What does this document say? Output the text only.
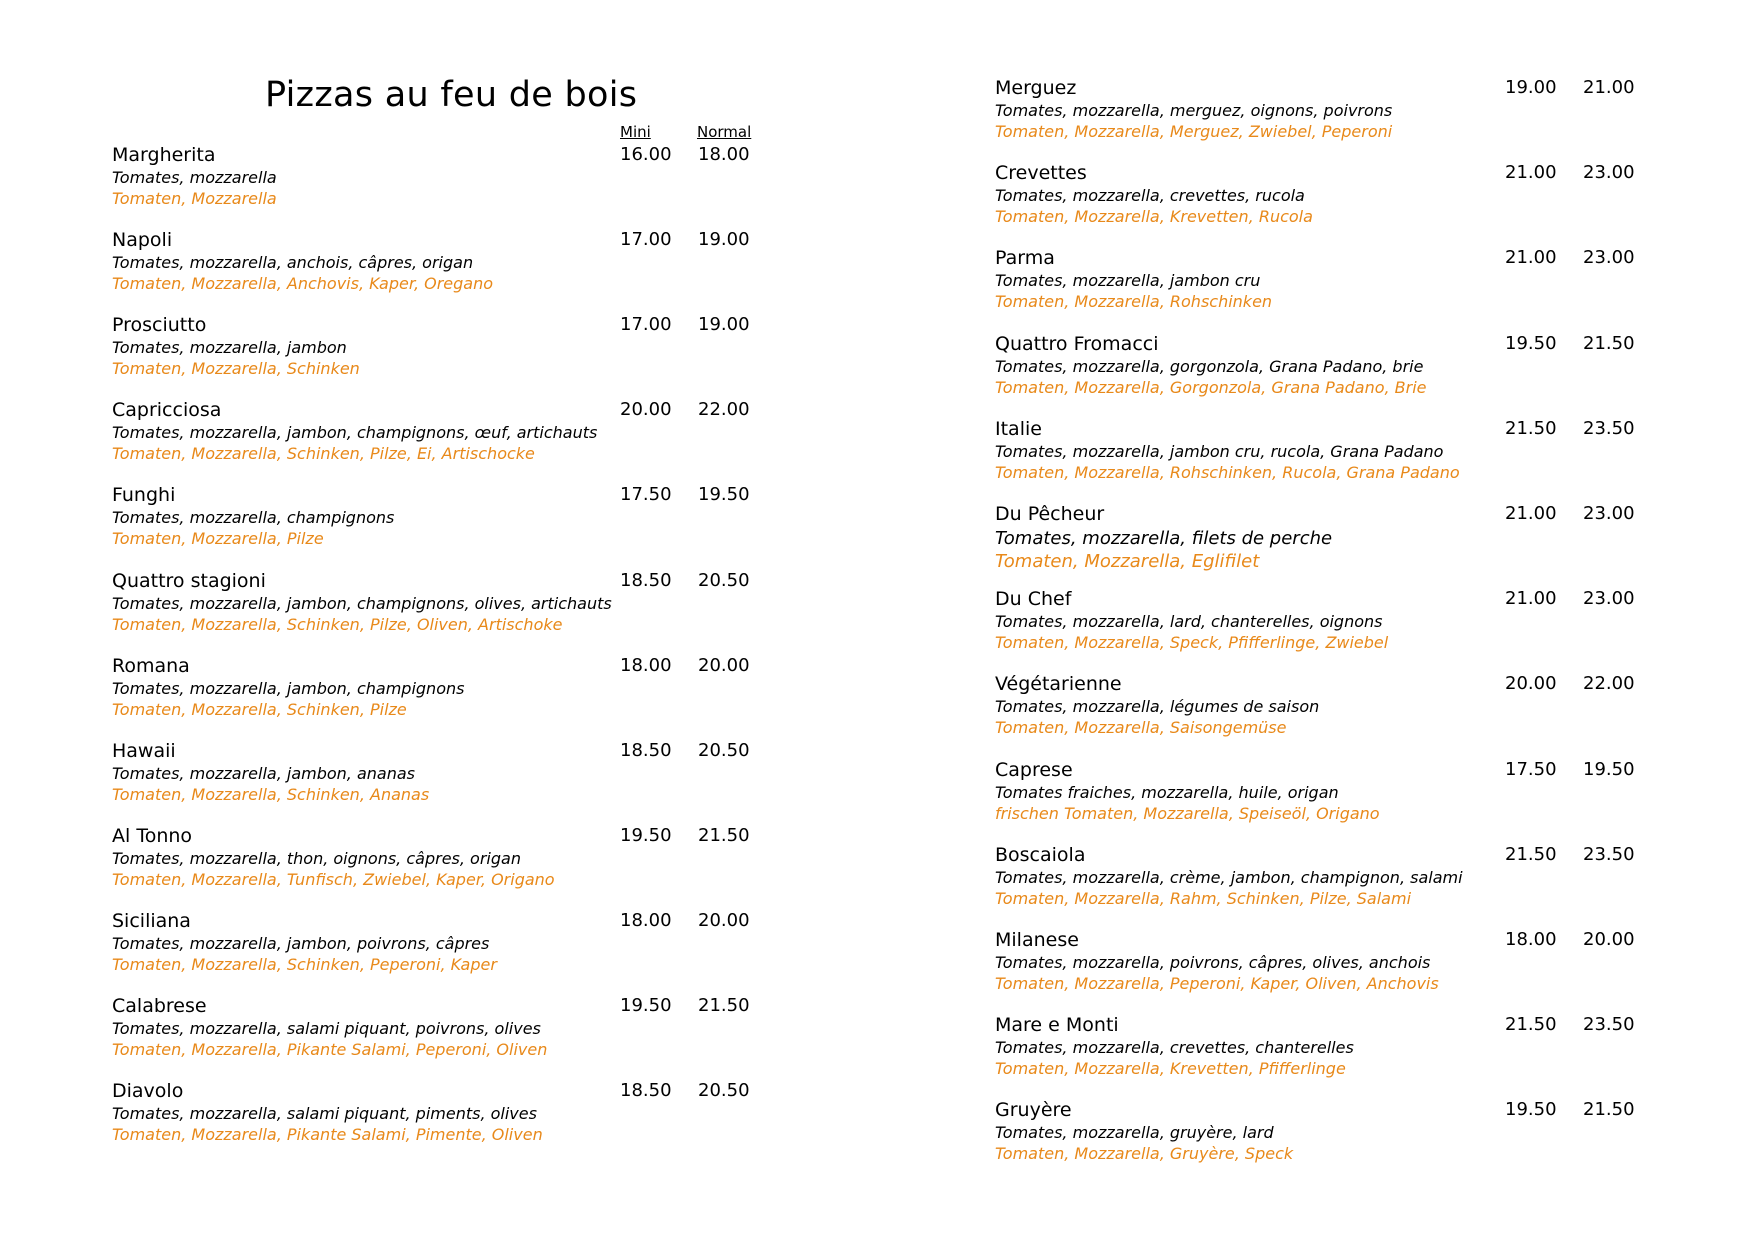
Pizzas au feu de bois
Mini	Normal
Margherita	16.00 18.00
Tomates, mozzarella
Tomaten, Mozzarella
Napoli	17.00 19.00
Tomates, mozzarella, anchois, câpres, origan
Tomaten, Mozzarella, Anchovis, Kaper, Oregano
Prosciutto	17.00 19.00
Tomates, mozzarella, jambon
Tomaten, Mozzarella, Schinken
Capricciosa	20.00 22.00
Tomates, mozzarella, jambon, champignons, œuf, artichauts
Tomaten, Mozzarella, Schinken, Pilze, Ei, Artischocke
Funghi	17.50 19.50
Tomates, mozzarella, champignons
Tomaten, Mozzarella, Pilze
Quattro stagioni	18.50 20.50
Tomates, mozzarella, jambon, champignons, olives, artichauts
Tomaten, Mozzarella, Schinken, Pilze, Oliven, Artischoke
Romana	18.00 20.00
Tomates, mozzarella, jambon, champignons
Tomaten, Mozzarella, Schinken, Pilze
Hawaii	18.50 20.50
Tomates, mozzarella, jambon, ananas
Tomaten, Mozzarella, Schinken, Ananas
Al Tonno	19.50 21.50
Tomates, mozzarella, thon, oignons, câpres, origan
Tomaten, Mozzarella, Tunfisch, Zwiebel, Kaper, Origano
Siciliana	18.00 20.00
Tomates, mozzarella, jambon, poivrons, câpres
Tomaten, Mozzarella, Schinken, Peperoni, Kaper
Calabrese	19.50 21.50
Tomates, mozzarella, salami piquant, poivrons, olives
Tomaten, Mozzarella, Pikante Salami, Peperoni, Oliven
Diavolo	18.50 20.50
Tomates, mozzarella, salami piquant, piments, olives
Tomaten, Mozzarella, Pikante Salami, Pimente, Oliven
Merguez	19.00 21.00
Tomates, mozzarella, merguez, oignons, poivrons
Tomaten, Mozzarella, Merguez, Zwiebel, Peperoni
Crevettes	21.00 23.00
Tomates, mozzarella, crevettes, rucola
Tomaten, Mozzarella, Krevetten, Rucola
Parma	21.00 23.00
Tomates, mozzarella, jambon cru
Tomaten, Mozzarella, Rohschinken
Quattro Fromacci	19.50 21.50
Tomates, mozzarella, gorgonzola, Grana Padano, brie
Tomaten, Mozzarella, Gorgonzola, Grana Padano, Brie
Italie	21.50 23.50
Tomates, mozzarella, jambon cru, rucola, Grana Padano
Tomaten, Mozzarella, Rohschinken, Rucola, Grana Padano
Du Pêcheur	21.00 23.00
Tomates, mozzarella, filets de perche
Tomaten, Mozzarella, Eglifilet
Du Chef	21.00 23.00
Tomates, mozzarella, lard, chanterelles, oignons
Tomaten, Mozzarella, Speck, Pfifferlinge, Zwiebel
Végétarienne	20.00 22.00
Tomates, mozzarella, légumes de saison
Tomaten, Mozzarella, Saisongemüse
Caprese	17.50 19.50
Tomates fraiches, mozzarella, huile, origan
frischen Tomaten, Mozzarella, Speiseöl, Origano
Boscaiola	21.50 23.50
Tomates, mozzarella, crème, jambon, champignon, salami
Tomaten, Mozzarella, Rahm, Schinken, Pilze, Salami
Milanese	18.00 20.00
Tomates, mozzarella, poivrons, câpres, olives, anchois
Tomaten, Mozzarella, Peperoni, Kaper, Oliven, Anchovis
Mare e Monti	21.50 23.50
Tomates, mozzarella, crevettes, chanterelles
Tomaten, Mozzarella, Krevetten, Pfifferlinge
Gruyère	19.50 21.50
Tomates, mozzarella, gruyère, lard
Tomaten, Mozzarella, Gruyère, Speck
